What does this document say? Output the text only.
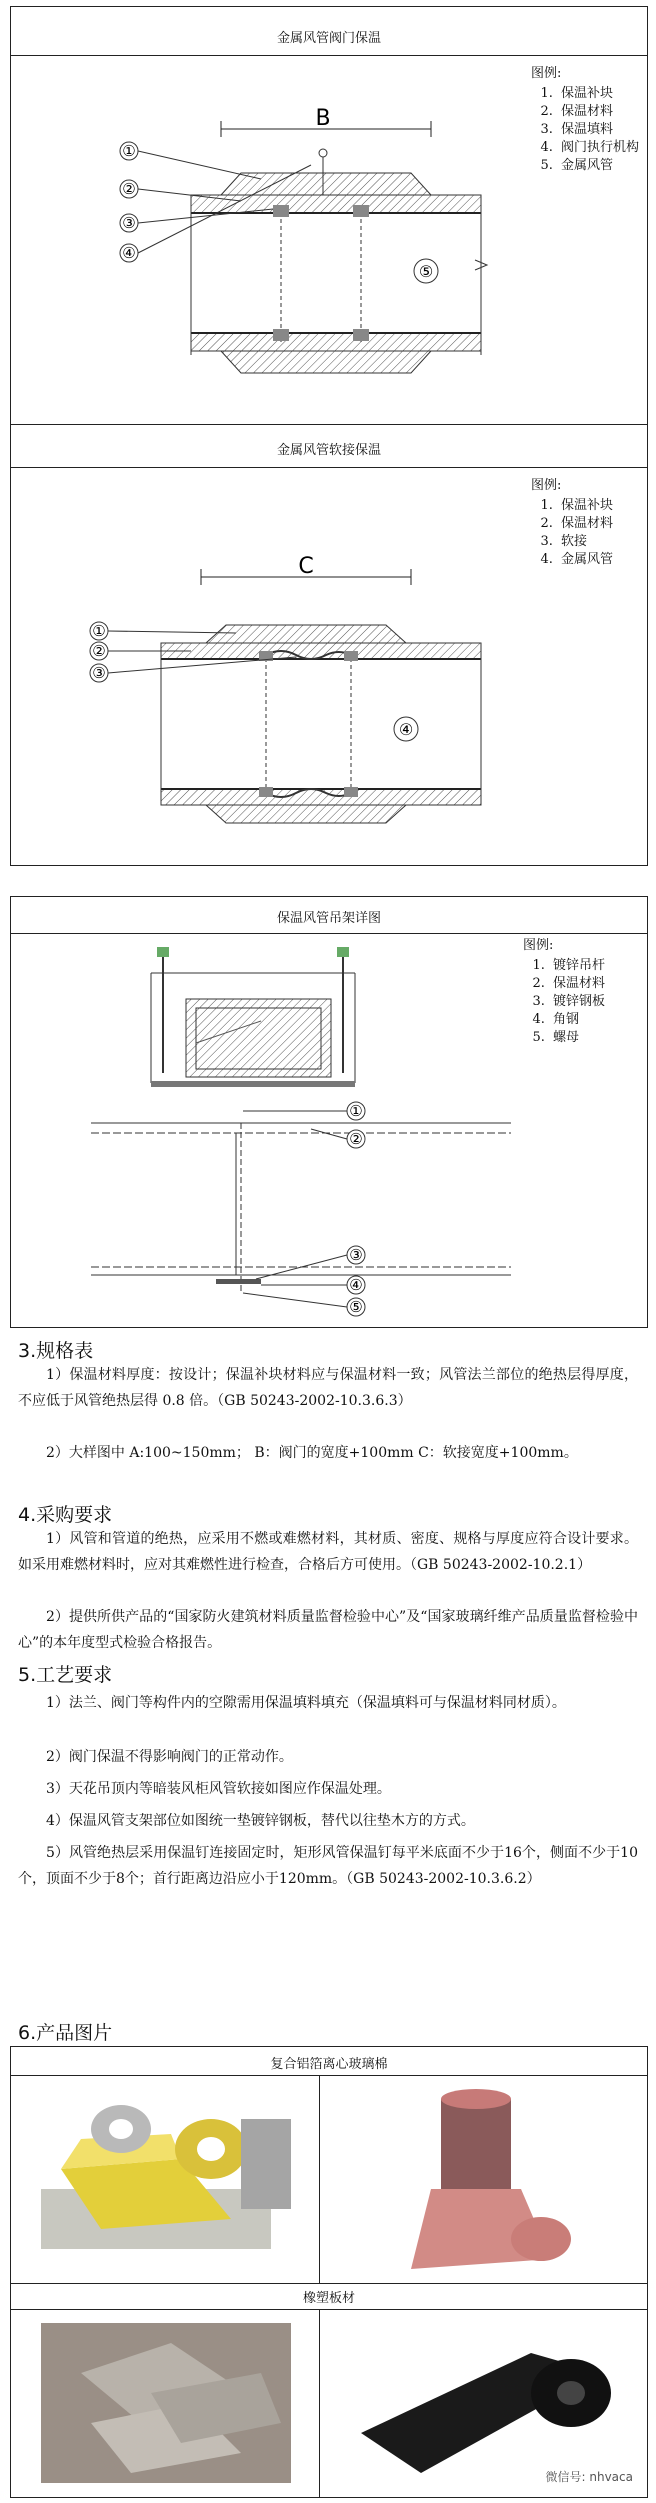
金属风管阀门保温
图例:
1. 保温补块
2. 保温材料
3. 保温填料
4. 阀门执行机构
5. 金属风管
B
①
②
③
④
⑤
金属风管软接保温
图例:
1. 保温补块
2. 保温材料
3. 软接
4. 金属风管
C
①
②
③
④
保温风管吊架详图
图例:
1. 镀锌吊杆
2. 保温材料
3. 镀锌钢板
4. 角钢
5. 螺母
①
②
③
④
⑤
3.规格表
1）保温材料厚度：按设计；保温补块材料应与保温材料一致；风管法兰部位的绝热层得厚度，不应低于风管绝热层得 0.8 倍。（GB 50243-2002-10.3.6.3）
2）大样图中 A:100~150mm； B：阀门的宽度+100mm C：软接宽度+100mm。
4.采购要求
1）风管和管道的绝热，应采用不燃或难燃材料，其材质、密度、规格与厚度应符合设计要求。如采用难燃材料时，应对其难燃性进行检查，合格后方可使用。（GB 50243-2002-10.2.1）
2）提供所供产品的“国家防火建筑材料质量监督检验中心”及“国家玻璃纤维产品质量监督检验中心”的本年度型式检验合格报告。
5.工艺要求
1）法兰、阀门等构件内的空隙需用保温填料填充（保温填料可与保温材料同材质）。
2）阀门保温不得影响阀门的正常动作。
3）天花吊顶内等暗装风柜风管软接如图应作保温处理。
4）保温风管支架部位如图统一垫镀锌钢板，替代以往垫木方的方式。
5）风管绝热层采用保温钉连接固定时，矩形风管保温钉每平米底面不少于16个，侧面不少于10个，顶面不少于8个；首行距离边沿应小于120mm。（GB 50243-2002-10.3.6.2）
6.产品图片
复合铝箔离心玻璃棉
橡塑板材
微信号: nhvaca
